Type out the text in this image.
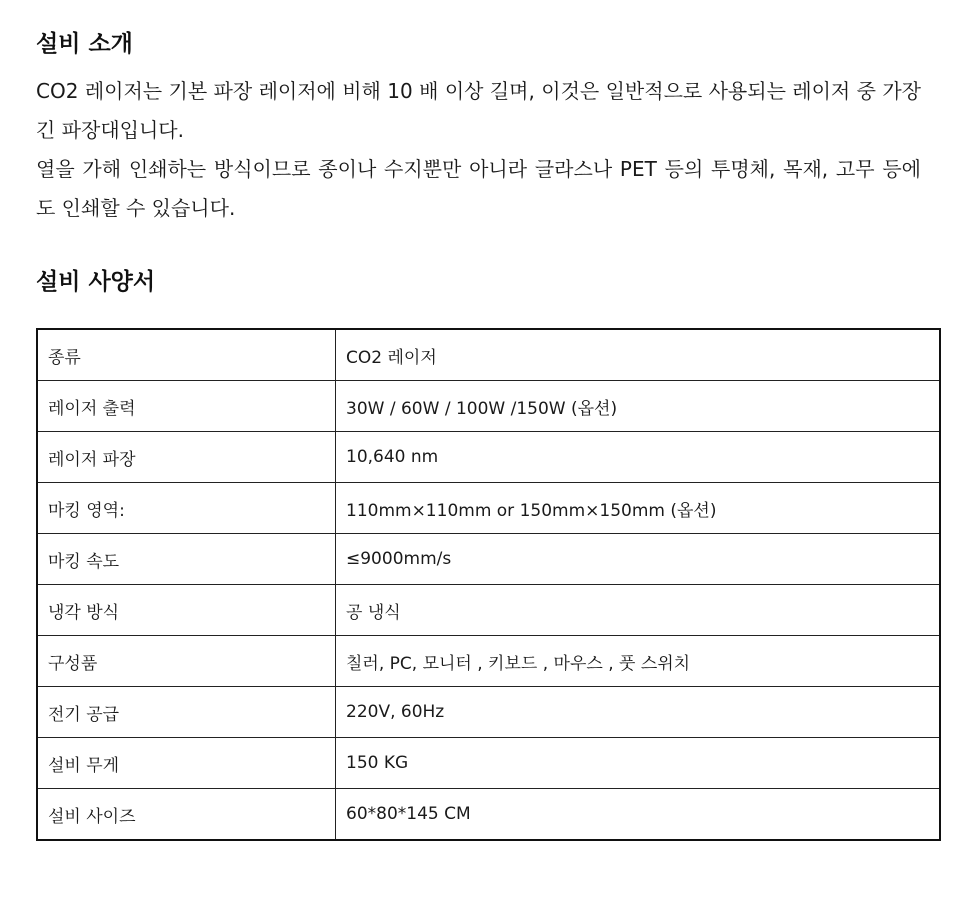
설비 소개

CO2 레이저는 기본 파장 레이저에 비해 10 배 이상 길며, 이것은 일반적으로 사용되는 레이저 중 가장 긴 파장대입니다.

열을 가해 인쇄하는 방식이므로 종이나 수지뿐만 아니라 글라스나 PET 등의 투명체, 목재, 고무 등에도 인쇄할 수 있습니다.

설비 사양서
종류	CO2 레이저
레이저 출력	30W / 60W / 100W /150W (옵션)
레이저 파장	10,640 nm
마킹 영역:	110mm×110mm or 150mm×150mm (옵션)
마킹 속도	≤9000mm/s
냉각 방식	공 냉식
구성품	칠러, PC, 모니터 , 키보드 , 마우스 , 풋 스위치
전기 공급	220V, 60Hz
설비 무게	150 KG
설비 사이즈	60*80*145 CM
